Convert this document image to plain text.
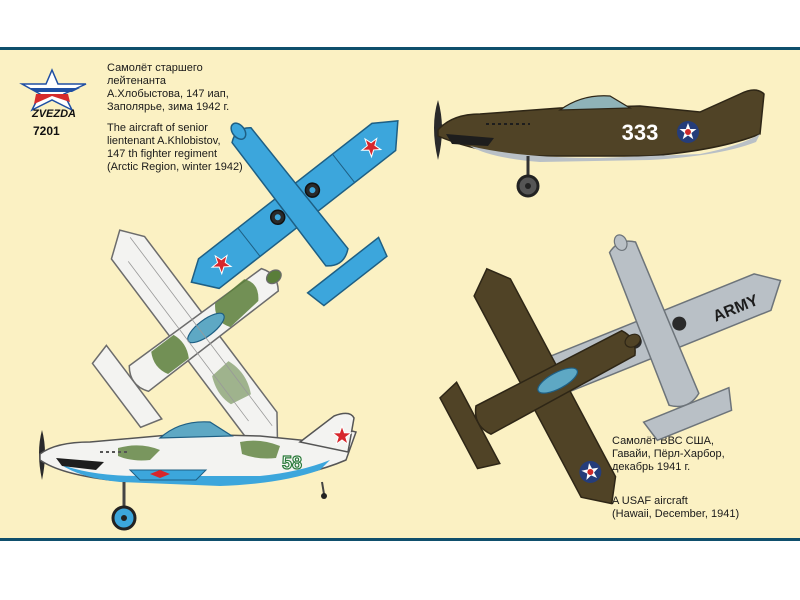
ZVEZDA

7201

Самолёт старшего
лейтенанта
А.Хлобыстова, 147 иап,
Заполярье, зима 1942 г.
The aircraft of senior
lientenant A.Khlobistov,
147 th fighter regiment
(Arctic Region, winter 1942)
Самолёт ВВС США,
Гавайи, Пёрл-Харбор,
декабрь 1941 г.
A USAF aircraft
(Hawaii, December, 1941)
58
333
ARMY
